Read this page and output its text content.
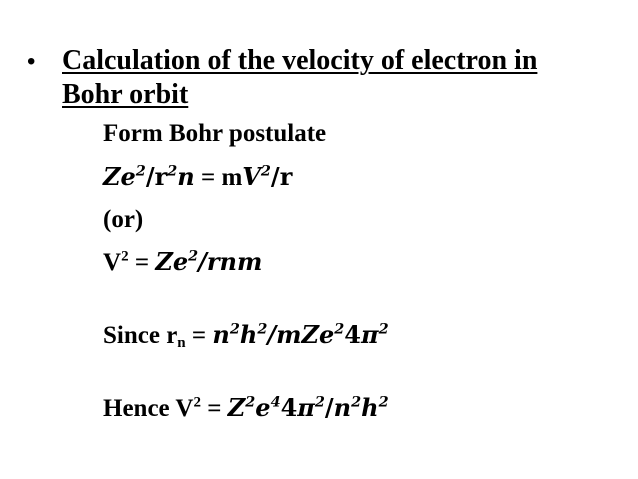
• Calculation of the velocity of electron in Bohr orbit
Form Bohr postulate
$Ze^2/r^2n = mV^2/r$
(or)
$V^2 = Ze^2/rnm$
Since $r_n = n^2h^2/mZe^24\pi^2$
Hence $V^2 = Z^2e^44\pi^2/n^2h^2$
